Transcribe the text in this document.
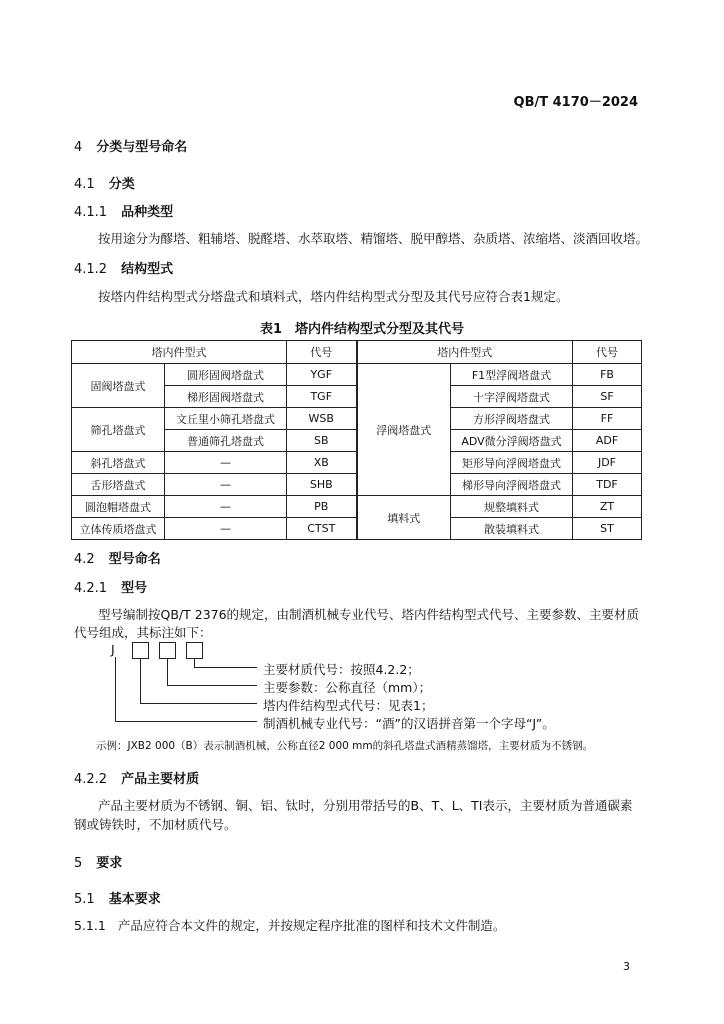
QB/T 4170－2024
4 分类与型号命名
4.1 分类
4.1.1 品种类型
按用途分为醪塔、粗辅塔、脱醛塔、水萃取塔、精馏塔、脱甲醇塔、杂质塔、浓缩塔、淡酒回收塔。
4.1.2 结构型式
按塔内件结构型式分塔盘式和填料式，塔内件结构型式分型及其代号应符合表1规定。
表1　塔内件结构型式分型及其代号
塔内件型式		代号	塔内件型式		代号
固阀塔盘式	圆形固阀塔盘式	YGF	浮阀塔盘式	F1型浮阀塔盘式	FB
	梯形固阀塔盘式	TGF		十字浮阀塔盘式	SF
筛孔塔盘式	文丘里小筛孔塔盘式	WSB		方形浮阀塔盘式	FF
	普通筛孔塔盘式	SB		ADV微分浮阀塔盘式	ADF
斜孔塔盘式	—	XB		矩形导向浮阀塔盘式	JDF
舌形塔盘式	—	SHB		梯形导向浮阀塔盘式	TDF
圆泡帽塔盘式	—	PB	填料式	规整填料式	ZT
立体传质塔盘式	—	CTST		散装填料式	ST
4.2 型号命名
4.2.1 型号
型号编制按QB/T 2376的规定，由制酒机械专业代号、塔内件结构型式代号、主要参数、主要材质
代号组成，其标注如下：
J
主要材质代号：按照4.2.2；
主要参数：公称直径（mm）；
塔内件结构型式代号：见表1；
制酒机械专业代号：“酒”的汉语拼音第一个字母“J”。
示例：JXB2 000（B）表示制酒机械，公称直径2 000 mm的斜孔塔盘式酒精蒸馏塔，主要材质为不锈钢。
4.2.2 产品主要材质
产品主要材质为不锈钢、铜、铝、钛时，分别用带括号的B、T、L、TI表示，主要材质为普通碳素
钢或铸铁时，不加材质代号。
5 要求
5.1 基本要求
5.1.1 产品应符合本文件的规定，并按规定程序批准的图样和技术文件制造。
3
